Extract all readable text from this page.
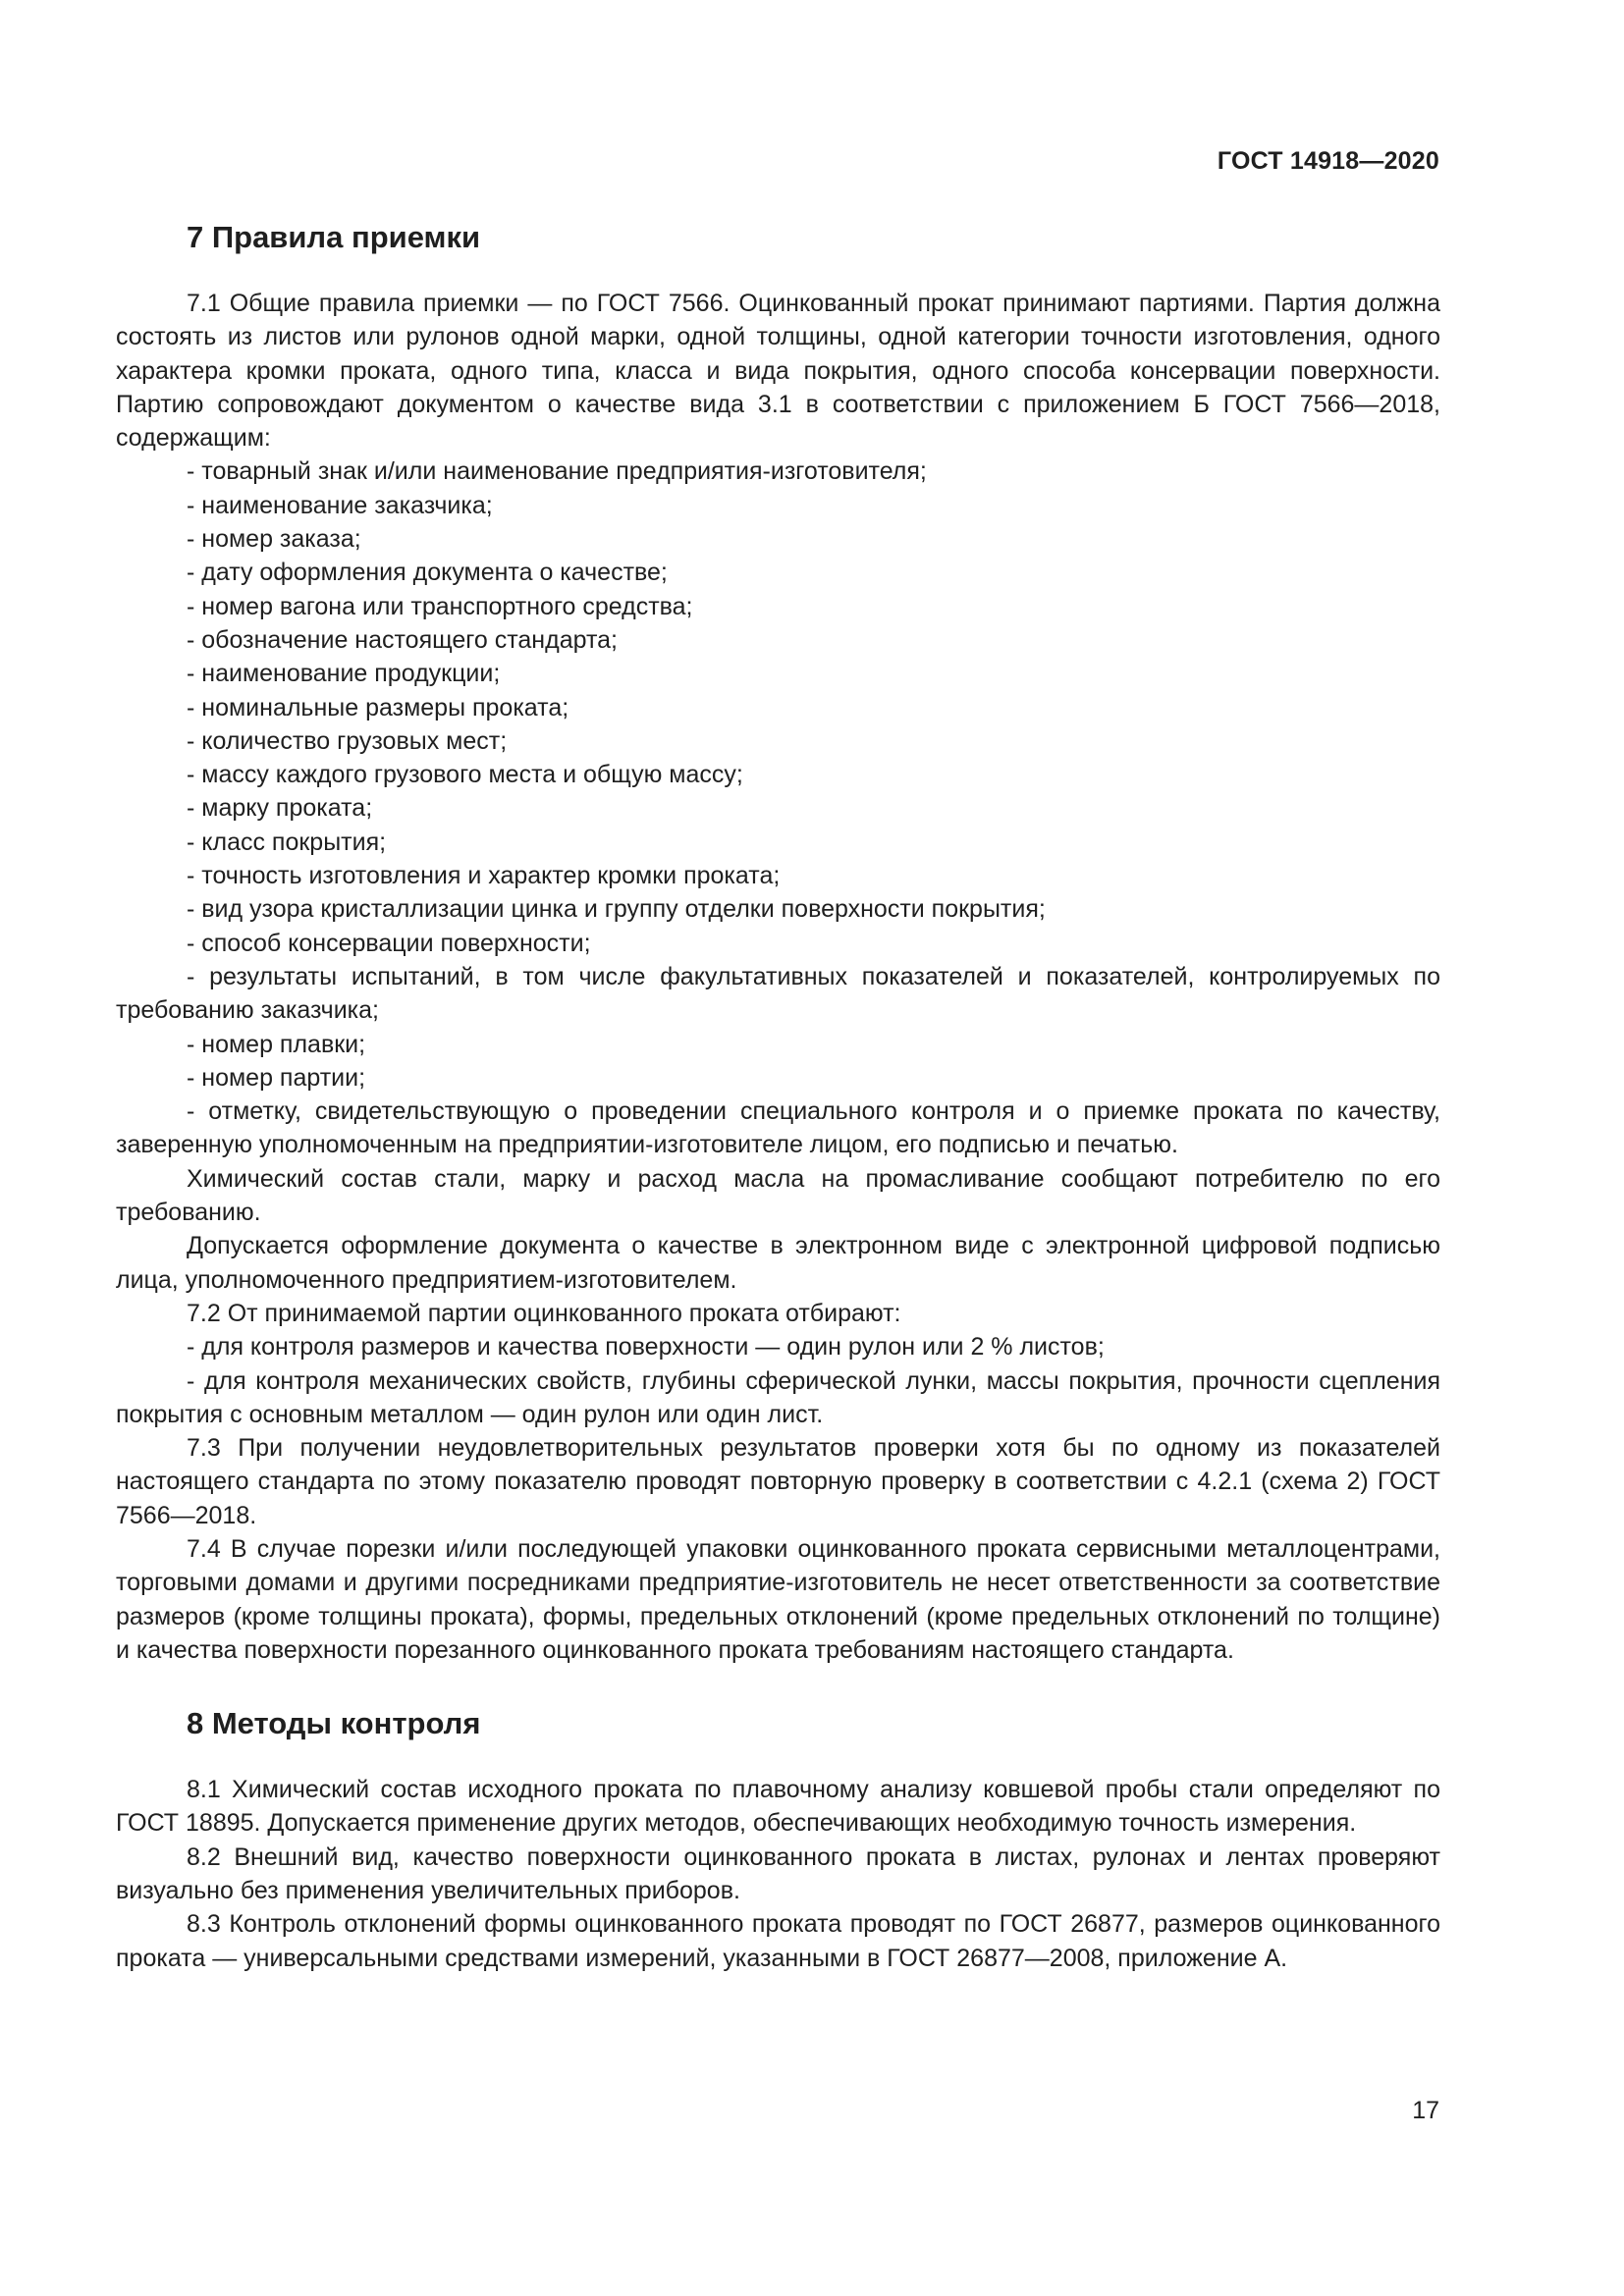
ГОСТ 14918—2020
7 Правила приемки

7.1 Общие правила приемки — по ГОСТ 7566. Оцинкованный прокат принимают партиями. Партия должна состоять из листов или рулонов одной марки, одной толщины, одной категории точности изготовления, одного характера кромки проката, одного типа, класса и вида покрытия, одного способа консервации поверхности. Партию сопровождают документом о качестве вида 3.1 в соответствии с приложением Б ГОСТ 7566—2018, содержащим:

- товарный знак и/или наименование предприятия-изготовителя;

- наименование заказчика;

- номер заказа;

- дату оформления документа о качестве;

- номер вагона или транспортного средства;

- обозначение настоящего стандарта;

- наименование продукции;

- номинальные размеры проката;

- количество грузовых мест;

- массу каждого грузового места и общую массу;

- марку проката;

- класс покрытия;

- точность изготовления и характер кромки проката;

- вид узора кристаллизации цинка и группу отделки поверхности покрытия;

- способ консервации поверхности;

- результаты испытаний, в том числе факультативных показателей и показателей, контролируемых по требованию заказчика;

- номер плавки;

- номер партии;

- отметку, свидетельствующую о проведении специального контроля и о приемке проката по качеству, заверенную уполномоченным на предприятии-изготовителе лицом, его подписью и печатью.

Химический состав стали, марку и расход масла на промасливание сообщают потребителю по его требованию.

Допускается оформление документа о качестве в электронном виде с электронной цифровой подписью лица, уполномоченного предприятием-изготовителем.

7.2 От принимаемой партии оцинкованного проката отбирают:

- для контроля размеров и качества поверхности — один рулон или 2 % листов;

- для контроля механических свойств, глубины сферической лунки, массы покрытия, прочности сцепления покрытия с основным металлом — один рулон или один лист.

7.3 При получении неудовлетворительных результатов проверки хотя бы по одному из показателей настоящего стандарта по этому показателю проводят повторную проверку в соответствии с 4.2.1 (схема 2) ГОСТ 7566—2018.

7.4 В случае порезки и/или последующей упаковки оцинкованного проката сервисными металлоцентрами, торговыми домами и другими посредниками предприятие-изготовитель не несет ответственности за соответствие размеров (кроме толщины проката), формы, предельных отклонений (кроме предельных отклонений по толщине) и качества поверхности порезанного оцинкованного проката требованиям настоящего стандарта.

8 Методы контроля

8.1 Химический состав исходного проката по плавочному анализу ковшевой пробы стали определяют по ГОСТ 18895. Допускается применение других методов, обеспечивающих необходимую точность измерения.

8.2 Внешний вид, качество поверхности оцинкованного проката в листах, рулонах и лентах проверяют визуально без применения увеличительных приборов.

8.3 Контроль отклонений формы оцинкованного проката проводят по ГОСТ 26877, размеров оцинкованного проката — универсальными средствами измерений, указанными в ГОСТ 26877—2008, приложение А.

17
